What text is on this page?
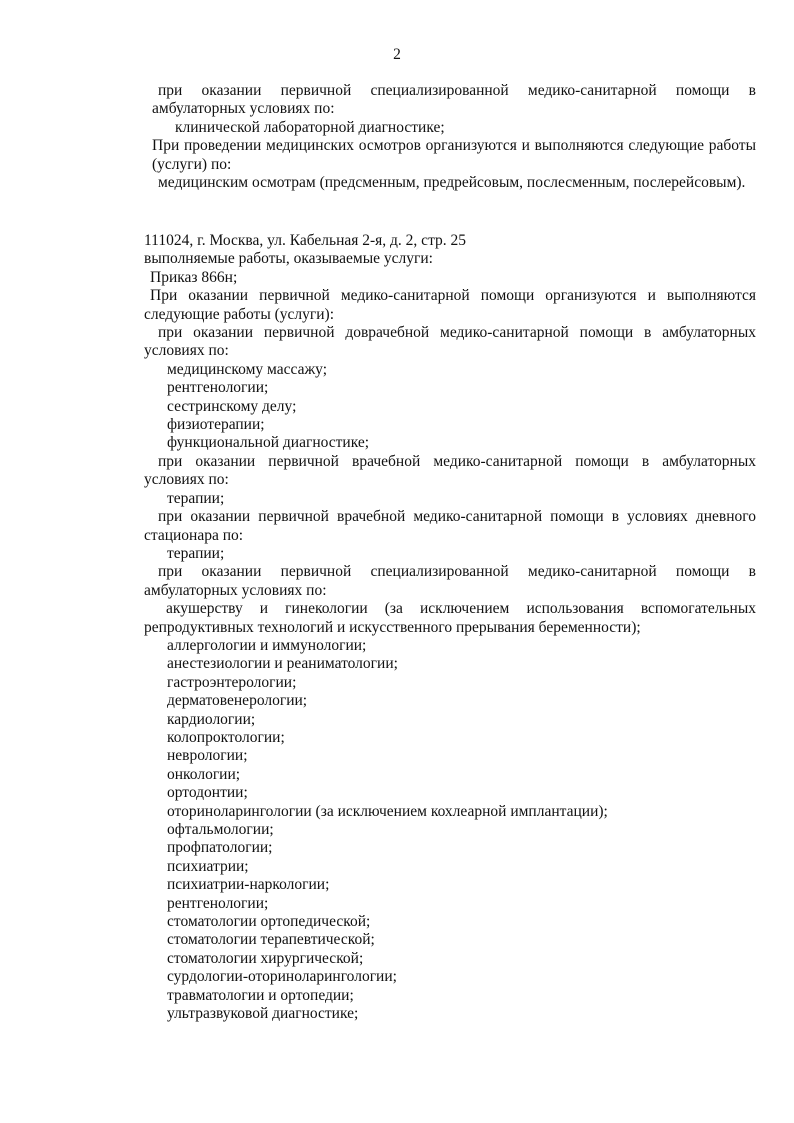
2

при оказании первичной специализированной медико-санитарной помощи в амбулаторных условиях по:

клинической лабораторной диагностике;

При проведении медицинских осмотров организуются и выполняются следующие работы (услуги) по:

медицинским осмотрам (предсменным, предрейсовым, послесменным, послерейсовым).

111024, г. Москва, ул. Кабельная 2-я, д. 2, стр. 25

выполняемые работы, оказываемые услуги:

Приказ 866н;

При оказании первичной медико-санитарной помощи организуются и выполняются следующие работы (услуги):

при оказании первичной доврачебной медико-санитарной помощи в амбулаторных условиях по:

медицинскому массажу;

рентгенологии;

сестринскому делу;

физиотерапии;

функциональной диагностике;

при оказании первичной врачебной медико-санитарной помощи в амбулаторных условиях по:

терапии;

при оказании первичной врачебной медико-санитарной помощи в условиях дневного стационара по:

терапии;

при оказании первичной специализированной медико-санитарной помощи в амбулаторных условиях по:

акушерству и гинекологии (за исключением использования вспомогательных репродуктивных технологий и искусственного прерывания беременности);

аллергологии и иммунологии;

анестезиологии и реаниматологии;

гастроэнтерологии;

дерматовенерологии;

кардиологии;

колопроктологии;

неврологии;

онкологии;

ортодонтии;

оториноларингологии (за исключением кохлеарной имплантации);

офтальмологии;

профпатологии;

психиатрии;

психиатрии-наркологии;

рентгенологии;

стоматологии ортопедической;

стоматологии терапевтической;

стоматологии хирургической;

сурдологии-оториноларингологии;

травматологии и ортопедии;

ультразвуковой диагностике;
